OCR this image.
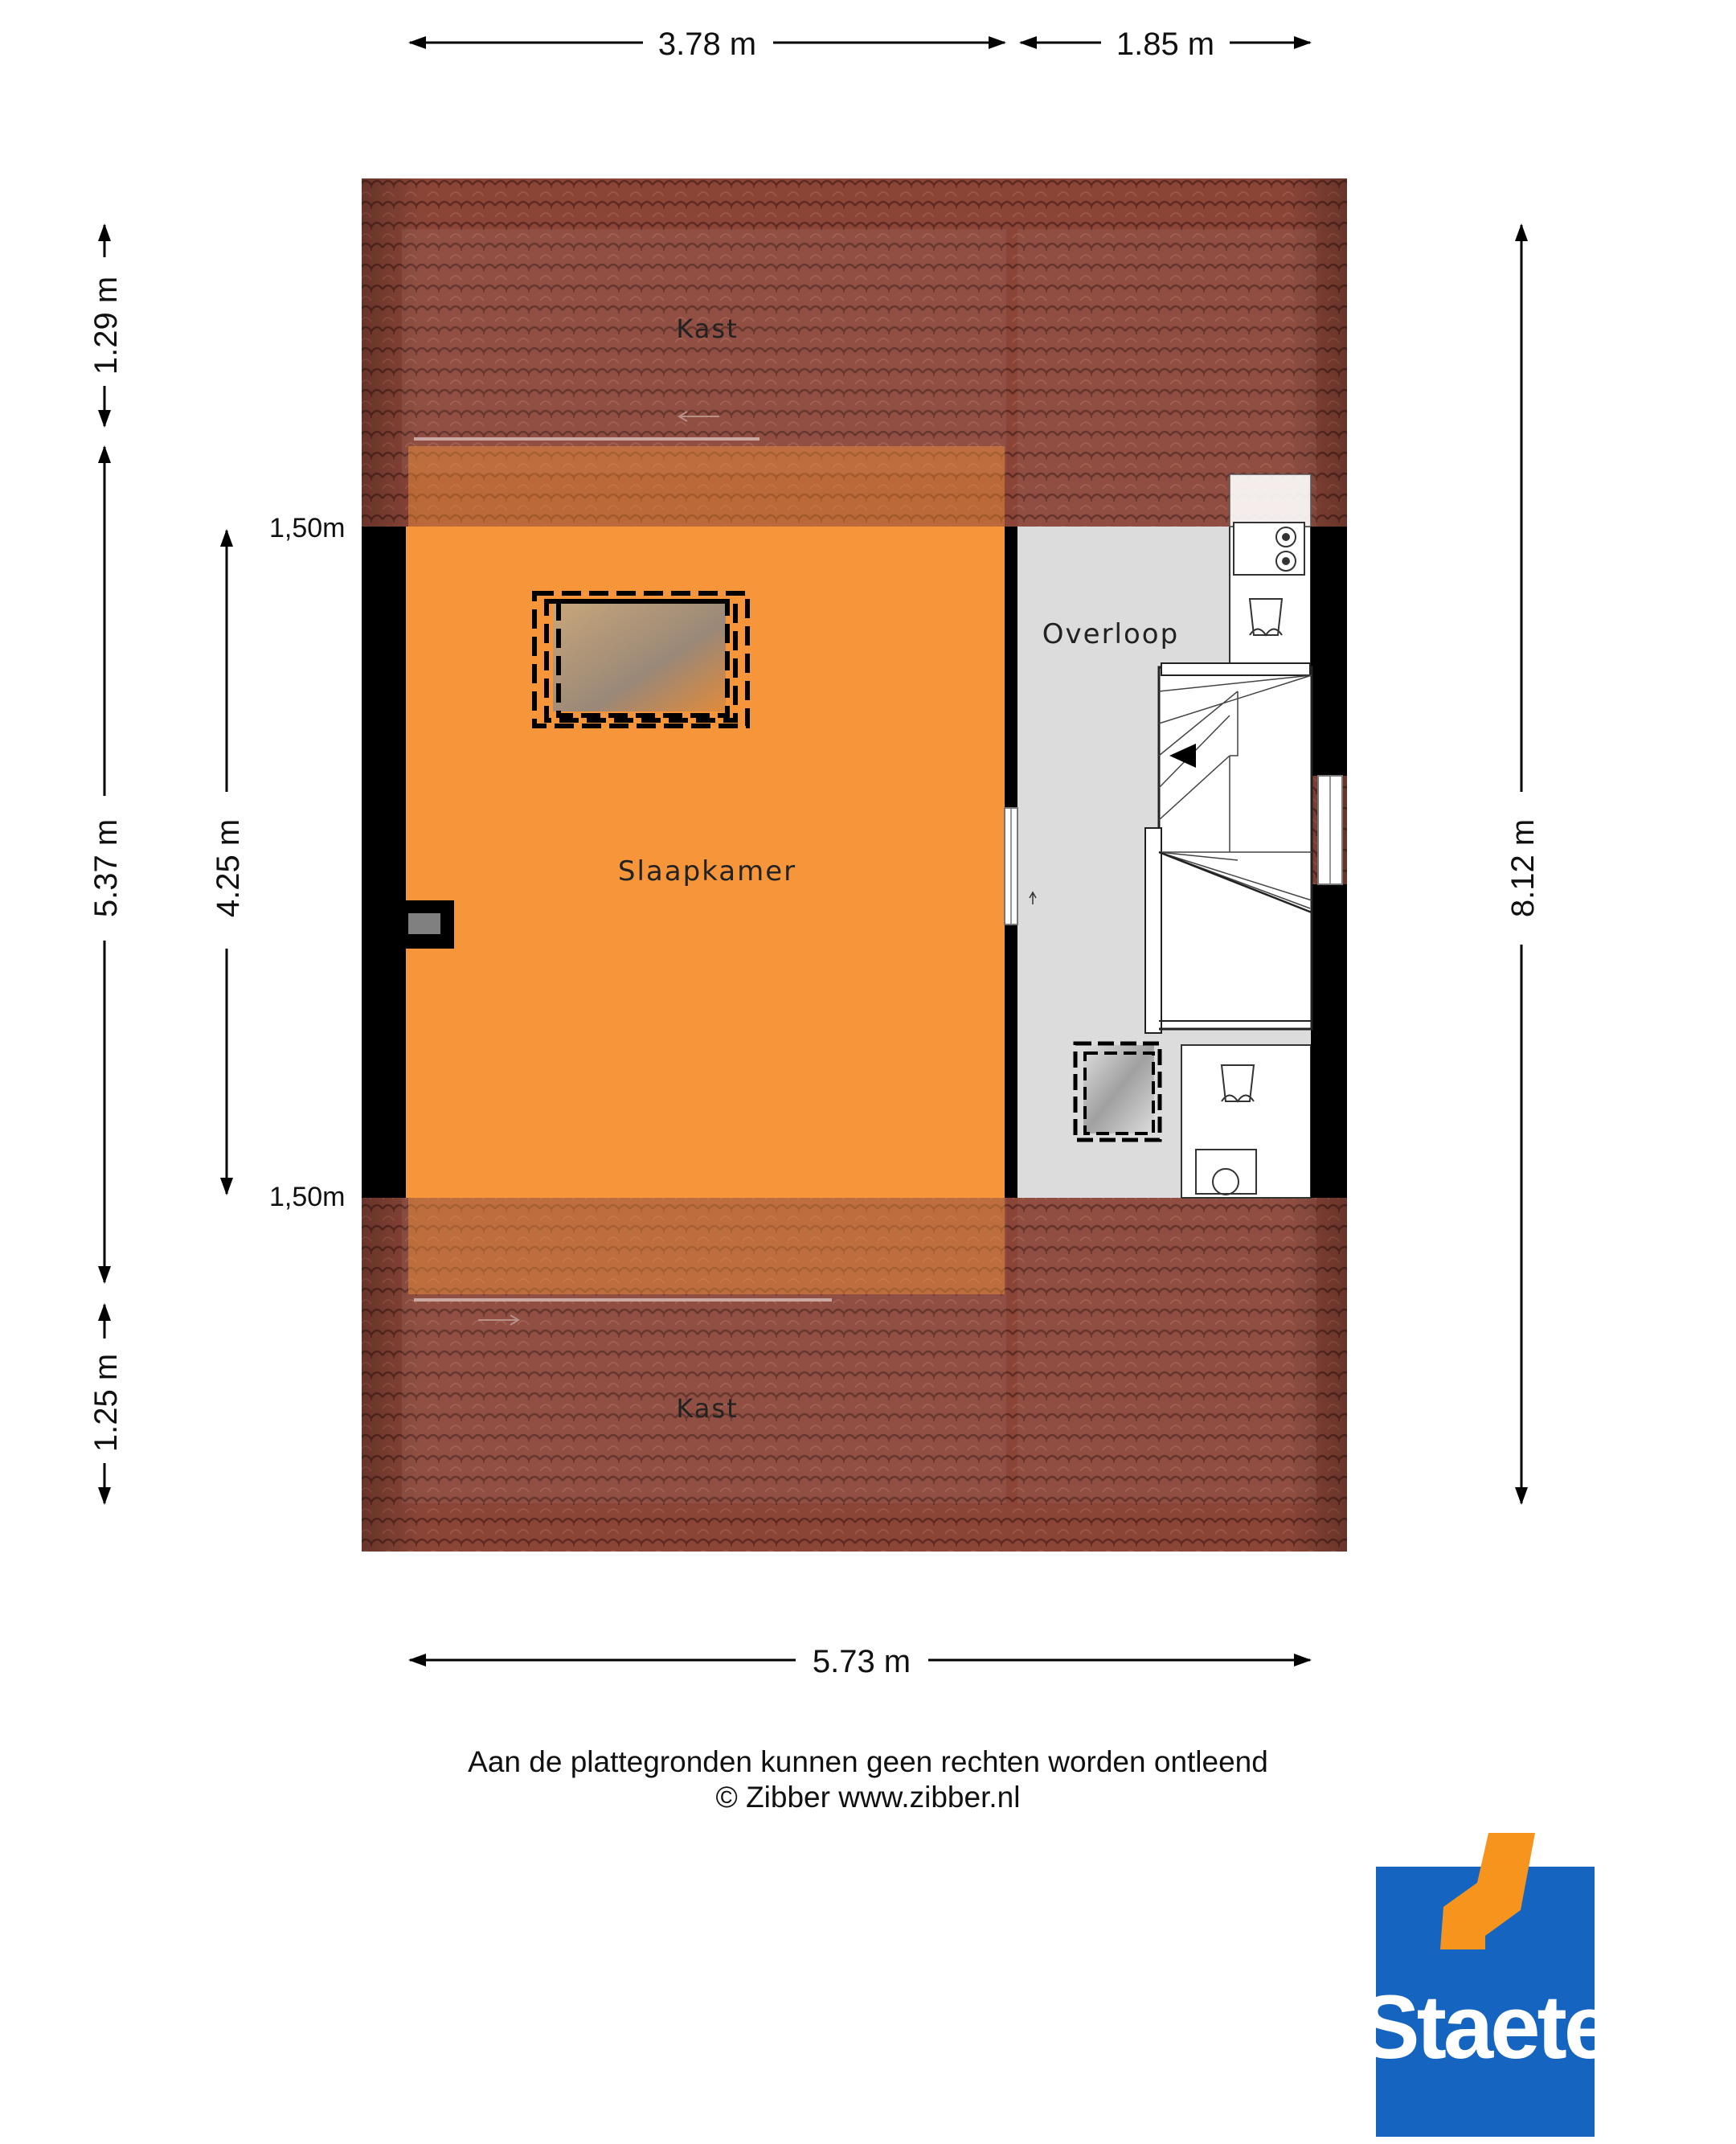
Kast
Kast
Slaapkamer
Overloop
1,50m
1,50m
3.78 m	1.85 m
5.73 m
1.29 m
5.37 m
1.25 m
4.25 m	8.12 m
Aan de plattegronden kunnen geen rechten worden ontleend
© Zibber www.zibber.nl
Staete
